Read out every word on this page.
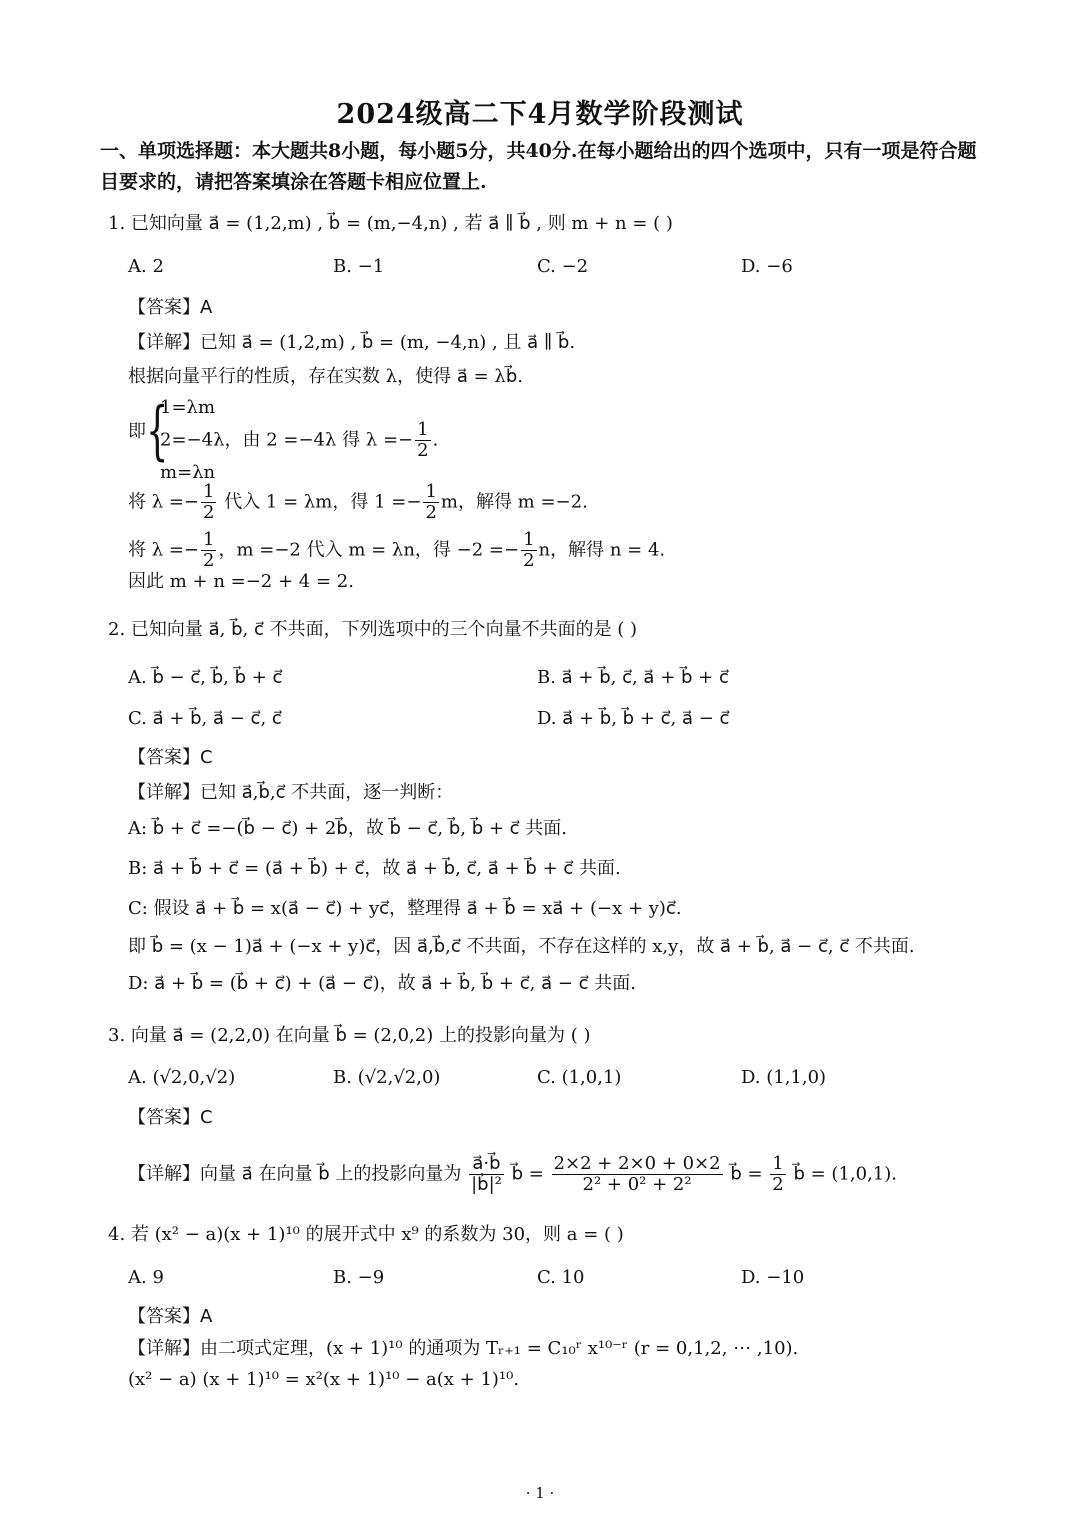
2024级高二下4月数学阶段测试
一、单项选择题：本大题共8小题，每小题5分，共40分.在每小题给出的四个选项中，只有一项是符合题目要求的，请把答案填涂在答题卡相应位置上.
1. 已知向量 a⃗ = (1,2,m) , b⃗ = (m,−4,n) , 若 a⃗ ∥ b⃗ , 则 m + n = ( )
A. 2	B. −1	C. −2	D. −6
【答案】A
【详解】已知 a⃗ = (1,2,m) , b⃗ = (m, −4,n) , 且 a⃗ ∥ b⃗.
根据向量平行的性质，存在实数 λ，使得 a⃗ = λb⃗.
即 {
1=λm
2=−4λ，由 2 =−4λ 得 $\lambda =- \frac{1}{2}$ .
m=λn
将 $\lambda =- \frac{1}{2}$ 代入 1 = λm，得 $1 =- \frac{1}{2}$ m，解得 m =−2.
将 $\lambda =- \frac{1}{2}$ ，m =−2 代入 m = λn，得 $-2 =- \frac{1}{2}$ n，解得 n = 4.
因此 m + n =−2 + 4 = 2.
2. 已知向量 a⃗, b⃗, c⃗ 不共面，下列选项中的三个向量不共面的是 ( )
A. b⃗ − c⃗, b⃗, b⃗ + c⃗	B. a⃗ + b⃗, c⃗, a⃗ + b⃗ + c⃗
C. a⃗ + b⃗, a⃗ − c⃗, c⃗	D. a⃗ + b⃗, b⃗ + c⃗, a⃗ − c⃗
【答案】C
【详解】已知 a⃗,b⃗,c⃗ 不共面，逐一判断：
A: b⃗ + c⃗ =−(b⃗ − c⃗) + 2b⃗，故 b⃗ − c⃗, b⃗, b⃗ + c⃗ 共面.
B: a⃗ + b⃗ + c⃗ = (a⃗ + b⃗) + c⃗，故 a⃗ + b⃗, c⃗, a⃗ + b⃗ + c⃗ 共面.
C: 假设 a⃗ + b⃗ = x(a⃗ − c⃗) + yc⃗，整理得 a⃗ + b⃗ = xa⃗ + (−x + y)c⃗.
即 b⃗ = (x − 1)a⃗ + (−x + y)c⃗，因 a⃗,b⃗,c⃗ 不共面，不存在这样的 x,y，故 a⃗ + b⃗, a⃗ − c⃗, c⃗ 不共面.
D: a⃗ + b⃗ = (b⃗ + c⃗) + (a⃗ − c⃗)，故 a⃗ + b⃗, b⃗ + c⃗, a⃗ − c⃗ 共面.
3. 向量 a⃗ = (2,2,0) 在向量 b⃗ = (2,0,2) 上的投影向量为 ( )
A. (√2,0,√2)	B. (√2,√2,0)	C. (1,0,1)	D. (1,1,0)
【答案】C
【详解】向量 a⃗ 在向量 b⃗ 上的投影向量为 $\frac{a⃗\cdot b⃗}{\text{|b⃗|²}}$ b⃗ = $\frac{2\times 2 + 2\times 0 + 0\times 2}{\text{2² + 0² + 2²}}$ b⃗ = $\frac{1}{2}$ b⃗ = (1,0,1).
4. 若 (x² − a)(x + 1)¹⁰ 的展开式中 x⁹ 的系数为 30，则 a = ( )
A. 9	B. −9	C. 10	D. −10
【答案】A
【详解】由二项式定理，(x + 1)¹⁰ 的通项为 Tᵣ₊₁ = C₁₀ʳ x¹⁰⁻ʳ (r = 0,1,2, ⋯ ,10).
(x² − a) (x + 1)¹⁰ = x²(x + 1)¹⁰ − a(x + 1)¹⁰.
· 1 ·
